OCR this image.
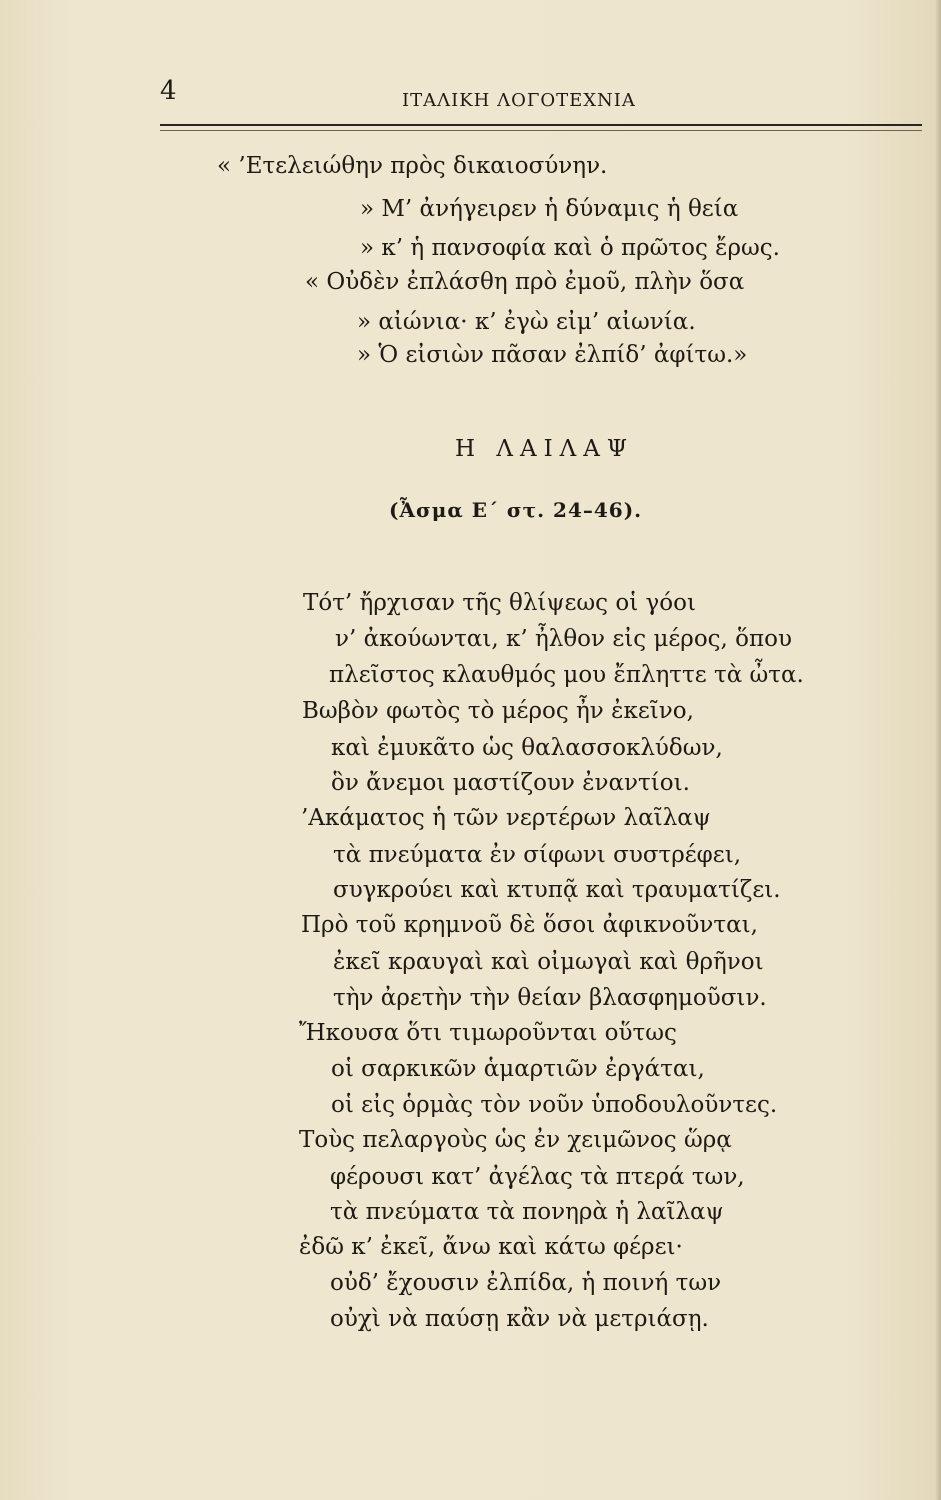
4	ΙΤΑΛΙΚΗ ΛΟΓΟΤΕΧΝΙΑ
« ’Ετελειώθην πρὸς δικαιοσύνην.
» Μ’ ἀνήγειρεν ἡ δύναμις ἡ θεία
» κ’ ἡ πανσοφία καὶ ὁ πρῶτος ἔρως.
« Οὐδὲν ἐπλάσθη πρὸ ἐμοῦ, πλὴν ὅσα
» αἰώνια· κ’ ἐγὼ εἰμ’ αἰωνία.
» Ὁ εἰσιὼν πᾶσαν ἐλπίδ’ ἀφίτω.»
Η ΛΑΙΛΑΨ
(Ἆσμα Ε΄ στ. 24–46).
Τότ’ ἤρχισαν τῆς θλίψεως οἱ γόοι
ν’ ἀκούωνται, κ’ ἦλθον εἰς μέρος, ὅπου
πλεῖστος κλαυθμός μου ἔπληττε τὰ ὦτα.
Βωβὸν φωτὸς τὸ μέρος ἦν ἐκεῖνο,
καὶ ἐμυκᾶτο ὡς θαλασσοκλύδων,
ὃν ἄνεμοι μαστίζουν ἐναντίοι.
’Ακάματος ἡ τῶν νερτέρων λαῖλαψ
τὰ πνεύματα ἐν σίφωνι συστρέφει,
συγκρούει καὶ κτυπᾷ καὶ τραυματίζει.
Πρὸ τοῦ κρημνοῦ δὲ ὅσοι ἀφικνοῦνται,
ἐκεῖ κραυγαὶ καὶ οἰμωγαὶ καὶ θρῆνοι
τὴν ἀρετὴν τὴν θείαν βλασφημοῦσιν.
Ἤκουσα ὅτι τιμωροῦνται οὕτως
οἱ σαρκικῶν ἁμαρτιῶν ἐργάται,
οἱ εἰς ὁρμὰς τὸν νοῦν ὑποδουλοῦντες.
Τοὺς πελαργοὺς ὡς ἐν χειμῶνος ὥρᾳ
φέρουσι κατ’ ἀγέλας τὰ πτερά των,
τὰ πνεύματα τὰ πονηρὰ ἡ λαῖλαψ
ἐδῶ κ’ ἐκεῖ, ἄνω καὶ κάτω φέρει·
οὐδ’ ἔχουσιν ἐλπίδα, ἡ ποινή των
οὐχὶ νὰ παύσῃ κἂν νὰ μετριάσῃ.
